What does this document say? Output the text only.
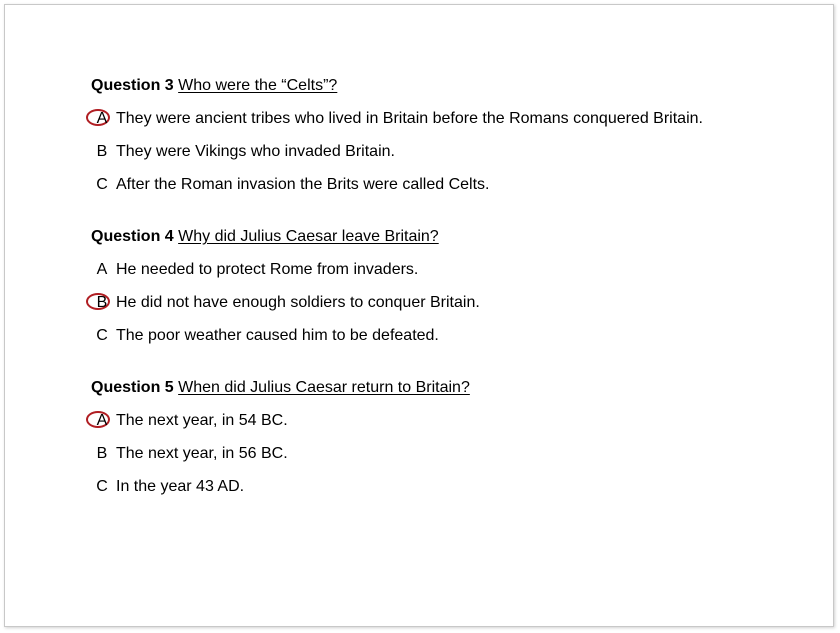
Question 3 Who were the “Celts”?
A They were ancient tribes who lived in Britain before the Romans conquered Britain.
B They were Vikings who invaded Britain.
C After the Roman invasion the Brits were called Celts.
Question 4 Why did Julius Caesar leave Britain?
A He needed to protect Rome from invaders.
B He did not have enough soldiers to conquer Britain.
C The poor weather caused him to be defeated.
Question 5 When did Julius Caesar return to Britain?
A The next year, in 54 BC.
B The next year, in 56 BC.
C In the year 43 AD.
